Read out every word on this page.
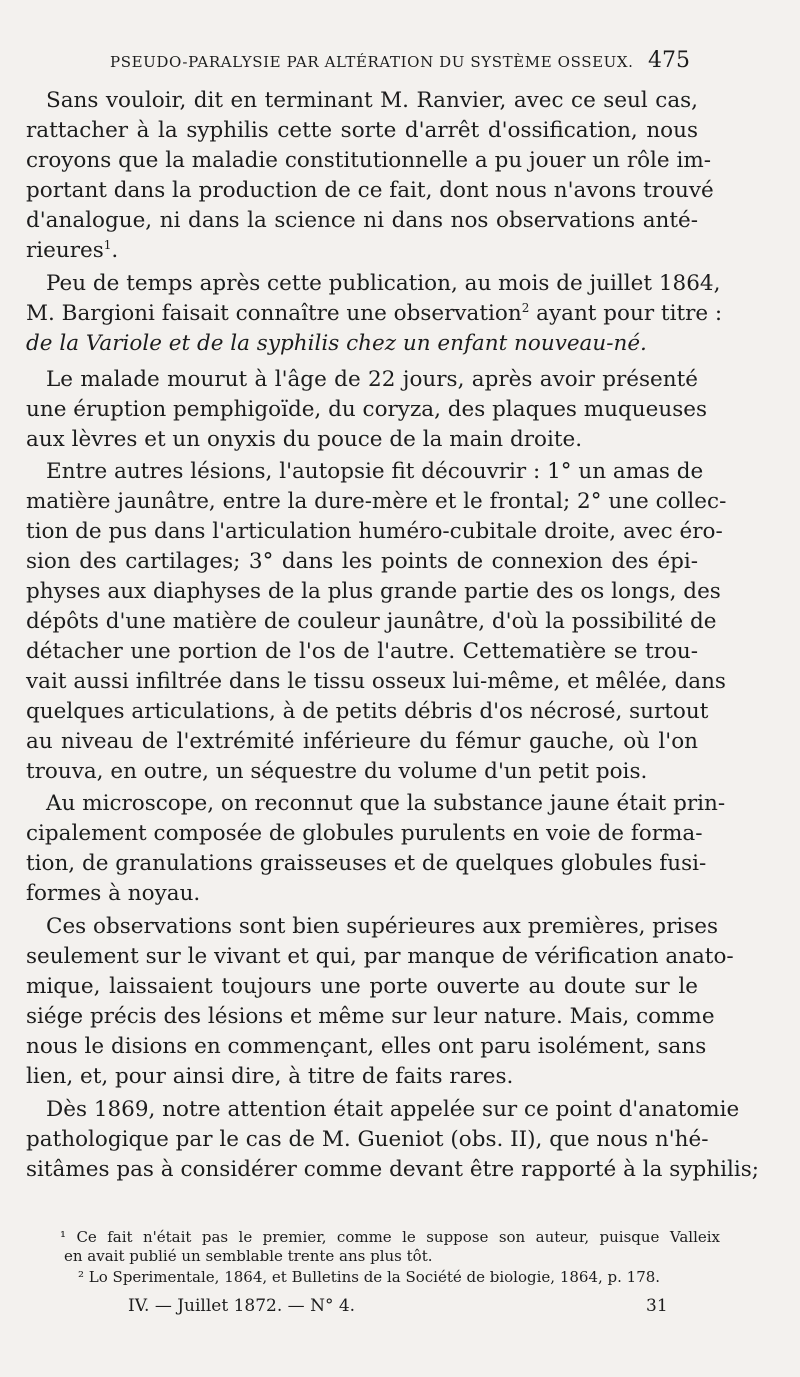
PSEUDO-PARALYSIE PAR ALTÉRATION DU SYSTÈME OSSEUX. 475
Sans vouloir, dit en terminant M. Ranvier, avec ce seul cas,
rattacher à la syphilis cette sorte d'arrêt d'ossification, nous
croyons que la maladie constitutionnelle a pu jouer un rôle im-
portant dans la production de ce fait, dont nous n'avons trouvé
d'analogue, ni dans la science ni dans nos observations anté-
rieures$^1$.
Peu de temps après cette publication, au mois de juillet 1864,
M. Bargioni faisait connaître une observation$^2$ ayant pour titre :
de la Variole et de la syphilis chez un enfant nouveau-né.
Le malade mourut à l'âge de 22 jours, après avoir présenté
une éruption pemphigoïde, du coryza, des plaques muqueuses
aux lèvres et un onyxis du pouce de la main droite.
Entre autres lésions, l'autopsie fit découvrir : 1° un amas de
matière jaunâtre, entre la dure-mère et le frontal; 2° une collec-
tion de pus dans l'articulation huméro-cubitale droite, avec éro-
sion des cartilages; 3° dans les points de connexion des épi-
physes aux diaphyses de la plus grande partie des os longs, des
dépôts d'une matière de couleur jaunâtre, d'où la possibilité de
détacher une portion de l'os de l'autre. Cettematière se trou-
vait aussi infiltrée dans le tissu osseux lui-même, et mêlée, dans
quelques articulations, à de petits débris d'os nécrosé, surtout
au niveau de l'extrémité inférieure du fémur gauche, où l'on
trouva, en outre, un séquestre du volume d'un petit pois.
Au microscope, on reconnut que la substance jaune était prin-
cipalement composée de globules purulents en voie de forma-
tion, de granulations graisseuses et de quelques globules fusi-
formes à noyau.
Ces observations sont bien supérieures aux premières, prises
seulement sur le vivant et qui, par manque de vérification anato-
mique, laissaient toujours une porte ouverte au doute sur le
siége précis des lésions et même sur leur nature. Mais, comme
nous le disions en commençant, elles ont paru isolément, sans
lien, et, pour ainsi dire, à titre de faits rares.
Dès 1869, notre attention était appelée sur ce point d'anatomie
pathologique par le cas de M. Gueniot (obs. II), que nous n'hé-
sitâmes pas à considérer comme devant être rapporté à la syphilis;
¹ Ce fait n'était pas le premier, comme le suppose son auteur, puisque Valleix
en avait publié un semblable trente ans plus tôt.
² Lo Sperimentale, 1864, et Bulletins de la Société de biologie, 1864, p. 178.
IV. — Juillet 1872. — N° 4.	31
